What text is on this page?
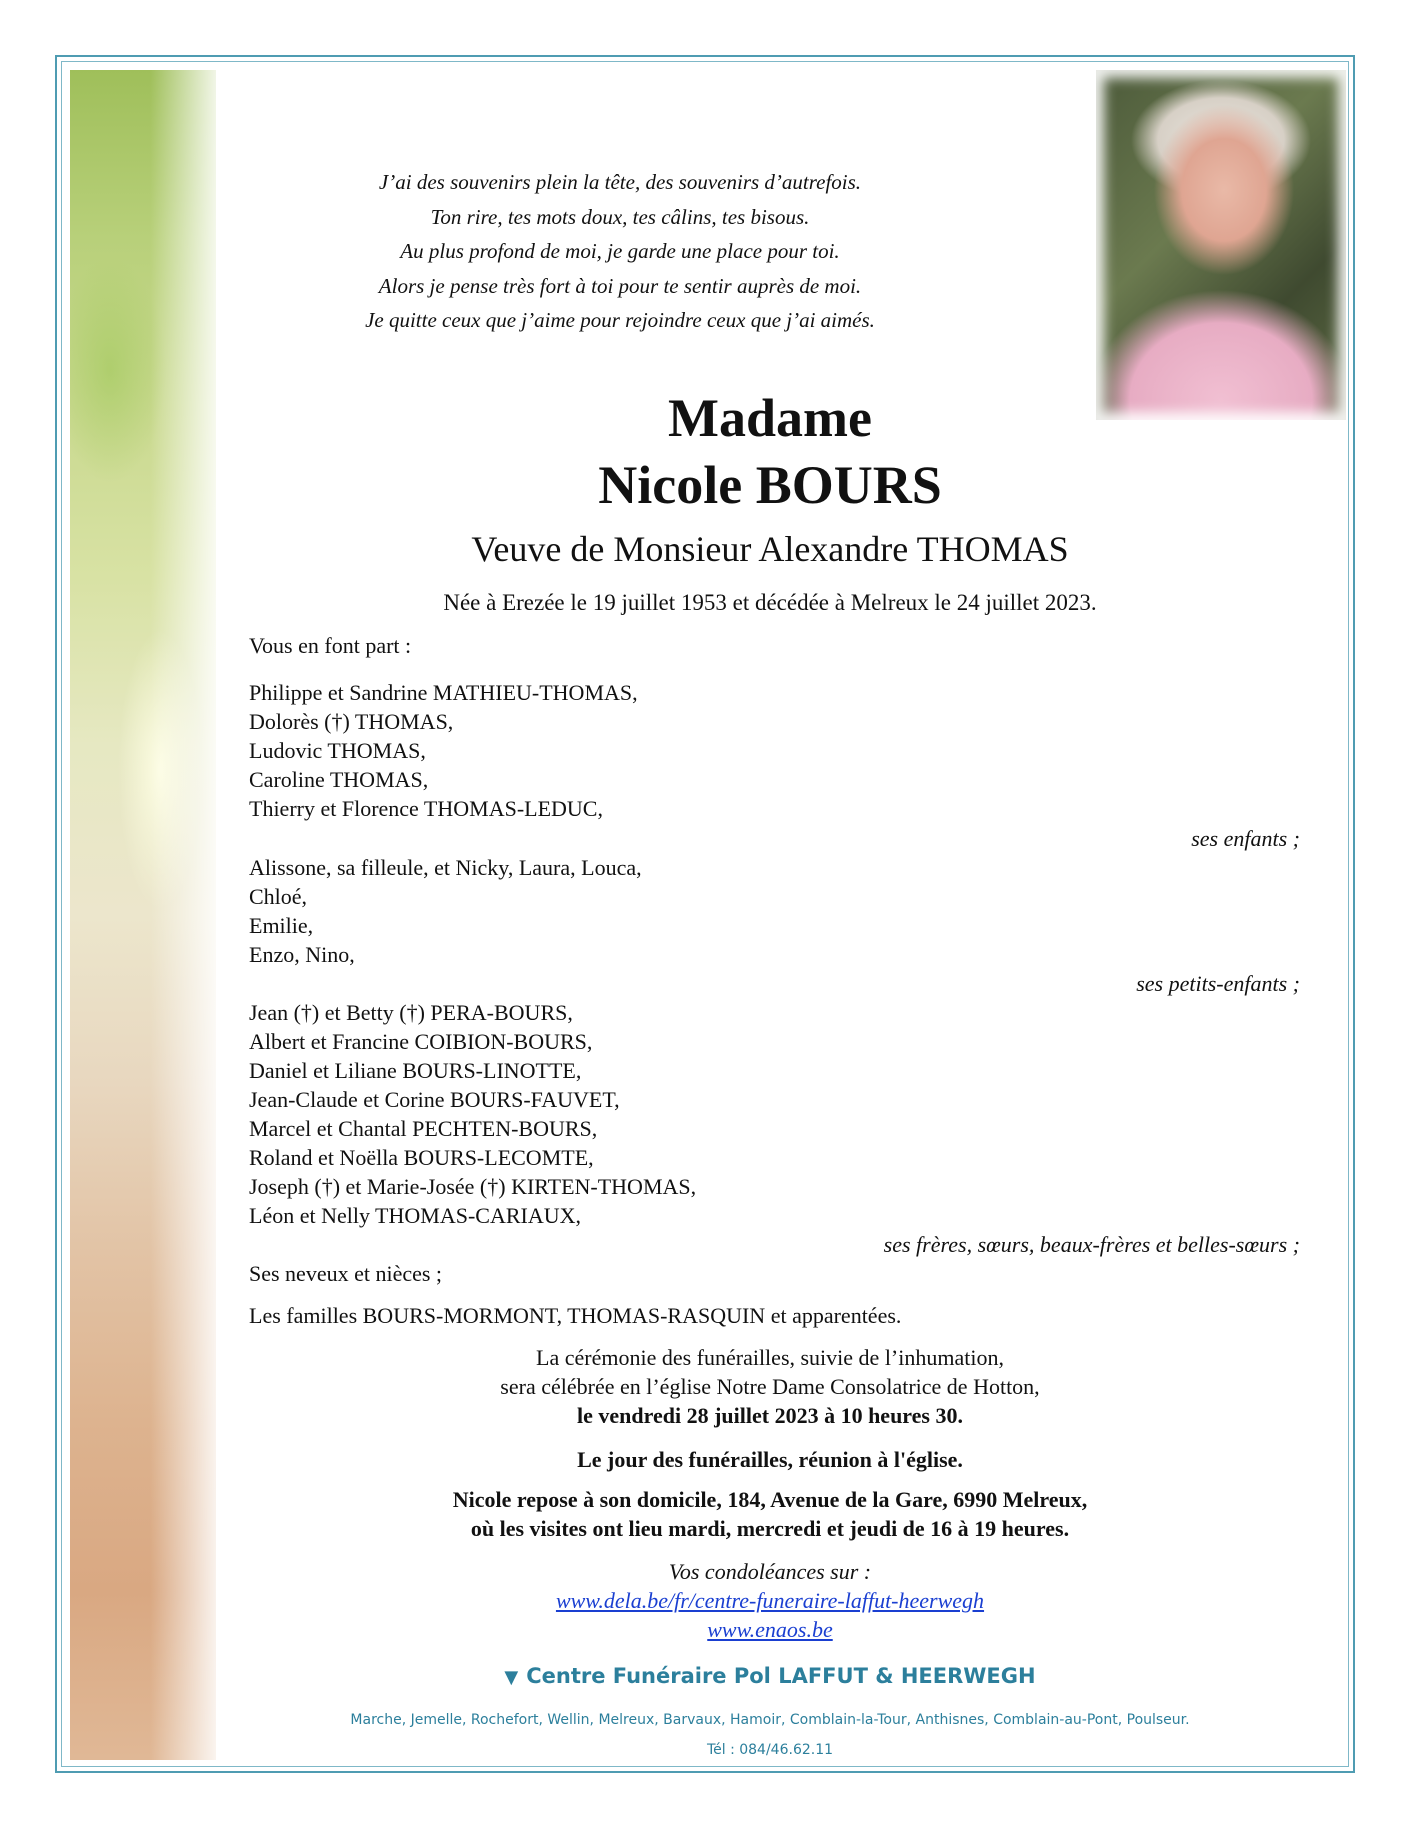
J’ai des souvenirs plein la tête, des souvenirs d’autrefois.
Ton rire, tes mots doux, tes câlins, tes bisous.
Au plus profond de moi, je garde une place pour toi.
Alors je pense très fort à toi pour te sentir auprès de moi.
Je quitte ceux que j’aime pour rejoindre ceux que j’ai aimés.
Madame
Nicole BOURS
Veuve de Monsieur Alexandre THOMAS
Née à Erezée le 19 juillet 1953 et décédée à Melreux le 24 juillet 2023.
Vous en font part :
Philippe et Sandrine MATHIEU-THOMAS,
Dolorès (†) THOMAS,
Ludovic THOMAS,
Caroline THOMAS,
Thierry et Florence THOMAS-LEDUC,
ses enfants ;
Alissone, sa filleule, et Nicky, Laura, Louca,
Chloé,
Emilie,
Enzo, Nino,
ses petits-enfants ;
Jean (†) et Betty (†) PERA-BOURS,
Albert et Francine COIBION-BOURS,
Daniel et Liliane BOURS-LINOTTE,
Jean-Claude et Corine BOURS-FAUVET,
Marcel et Chantal PECHTEN-BOURS,
Roland et Noëlla BOURS-LECOMTE,
Joseph (†) et Marie-Josée (†) KIRTEN-THOMAS,
Léon et Nelly THOMAS-CARIAUX,
ses frères, sœurs, beaux-frères et belles-sœurs ;
Ses neveux et nièces ;
Les familles BOURS-MORMONT, THOMAS-RASQUIN et apparentées.
La cérémonie des funérailles, suivie de l’inhumation,
sera célébrée en l’église Notre Dame Consolatrice de Hotton,
le vendredi 28 juillet 2023 à 10 heures 30.
Le jour des funérailles, réunion à l'église.
Nicole repose à son domicile, 184, Avenue de la Gare, 6990 Melreux,
où les visites ont lieu mardi, mercredi et jeudi de 16 à 19 heures.
Vos condoléances sur :
www.dela.be/fr/centre-funeraire-laffut-heerwegh
www.enaos.be
▼ Centre Funéraire Pol LAFFUT & HEERWEGH
Marche, Jemelle, Rochefort, Wellin, Melreux, Barvaux, Hamoir, Comblain-la-Tour, Anthisnes, Comblain-au-Pont, Poulseur.
Tél : 084/46.62.11
